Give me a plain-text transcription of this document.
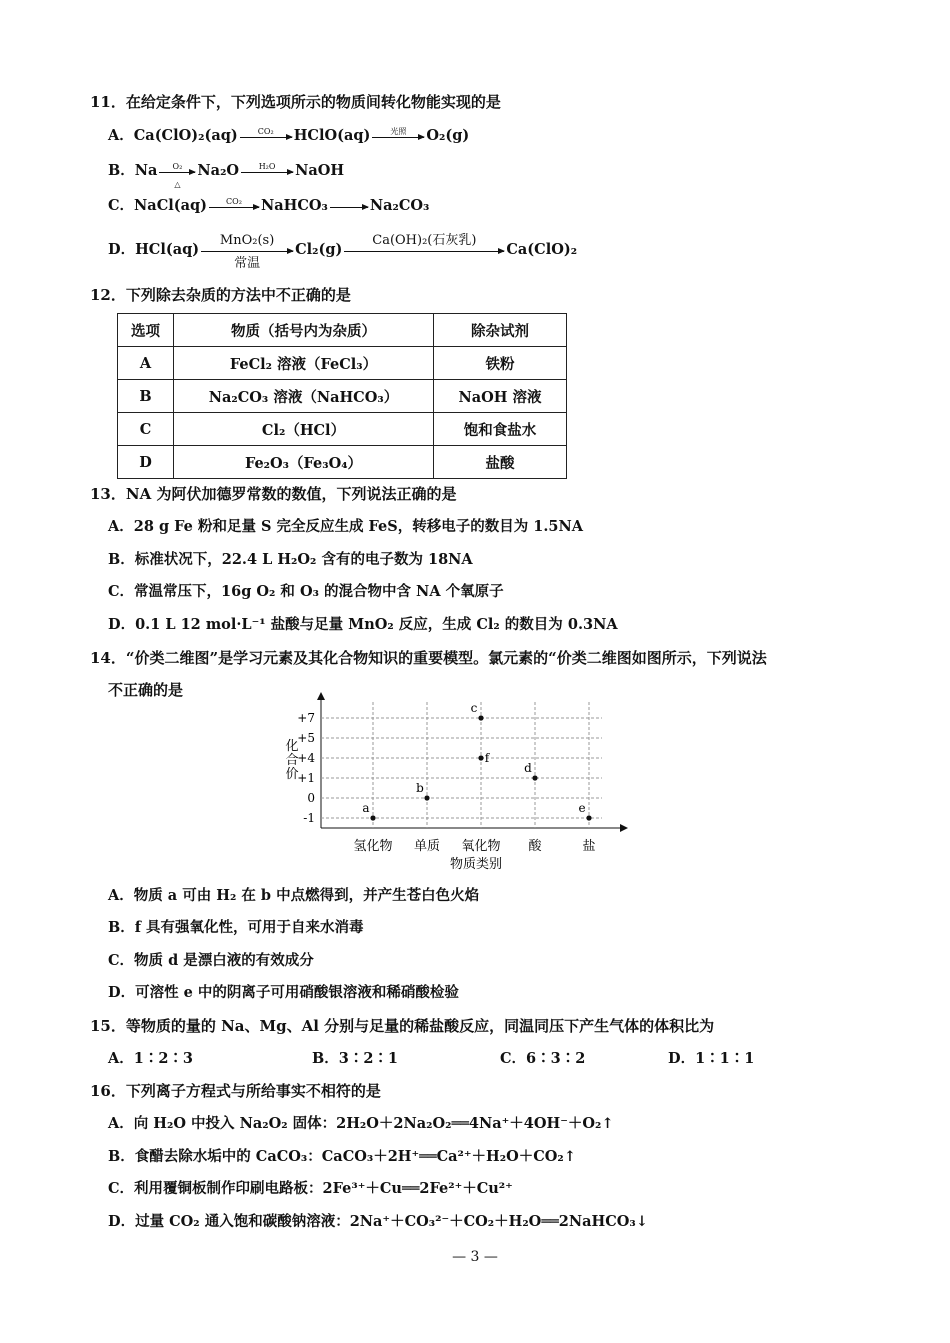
11．在给定条件下，下列选项所示的物质间转化物能实现的是
A．Ca(ClO)₂(aq)	CO₂	HClO(aq)	光照	O₂(g)
B．Na	O₂
△
Na₂O	H₂O	NaOH
C．NaCl(aq)	CO₂	NaHCO₃	Na₂CO₃
D．HCl(aq)
MnO₂(s)
常温
Cl₂(g)
Ca(OH)₂(石灰乳)
Ca(ClO)₂
12．下列除去杂质的方法中不正确的是
选项	物质（括号内为杂质）	除杂试剂
A	FeCl₂ 溶液（FeCl₃）	铁粉
B	Na₂CO₃ 溶液（NaHCO₃）	NaOH 溶液
C	Cl₂（HCl）	饱和食盐水
D	Fe₂O₃（Fe₃O₄）	盐酸
13．NA 为阿伏加德罗常数的数值，下列说法正确的是
A．28 g Fe 粉和足量 S 完全反应生成 FeS，转移电子的数目为 1.5NA
B．标准状况下，22.4 L H₂O₂ 含有的电子数为 18NA
C．常温常压下，16g O₂ 和 O₃ 的混合物中含 NA 个氧原子
D．0.1 L 12 mol·L⁻¹ 盐酸与足量 MnO₂ 反应，生成 Cl₂ 的数目为 0.3NA
14．“价类二维图”是学习元素及其化合物知识的重要模型。氯元素的“价类二维图如图所示，下列说法
不正确的是
+7
+5
+4
+1
0
-1
氢化物 单质 氧化物 酸	盐
a
b
c
f
d
e
化
合
价
物质类别
A．物质 a 可由 H₂ 在 b 中点燃得到，并产生苍白色火焰
B．f 具有强氧化性，可用于自来水消毒
C．物质 d 是漂白液的有效成分
D．可溶性 e 中的阴离子可用硝酸银溶液和稀硝酸检验
15．等物质的量的 Na、Mg、Al 分别与足量的稀盐酸反应，同温同压下产生气体的体积比为
A．1∶2∶3	B．3∶2∶1	C．6∶3∶2	D．1∶1∶1
16．下列离子方程式与所给事实不相符的是
A．向 H₂O 中投入 Na₂O₂ 固体：2H₂O＋2Na₂O₂══4Na⁺＋4OH⁻＋O₂↑
B．食醋去除水垢中的 CaCO₃：CaCO₃＋2H⁺══Ca²⁺＋H₂O＋CO₂↑
C．利用覆铜板制作印刷电路板：2Fe³⁺＋Cu══2Fe²⁺＋Cu²⁺
D．过量 CO₂ 通入饱和碳酸钠溶液：2Na⁺＋CO₃²⁻＋CO₂＋H₂O══2NaHCO₃↓
— 3 —
